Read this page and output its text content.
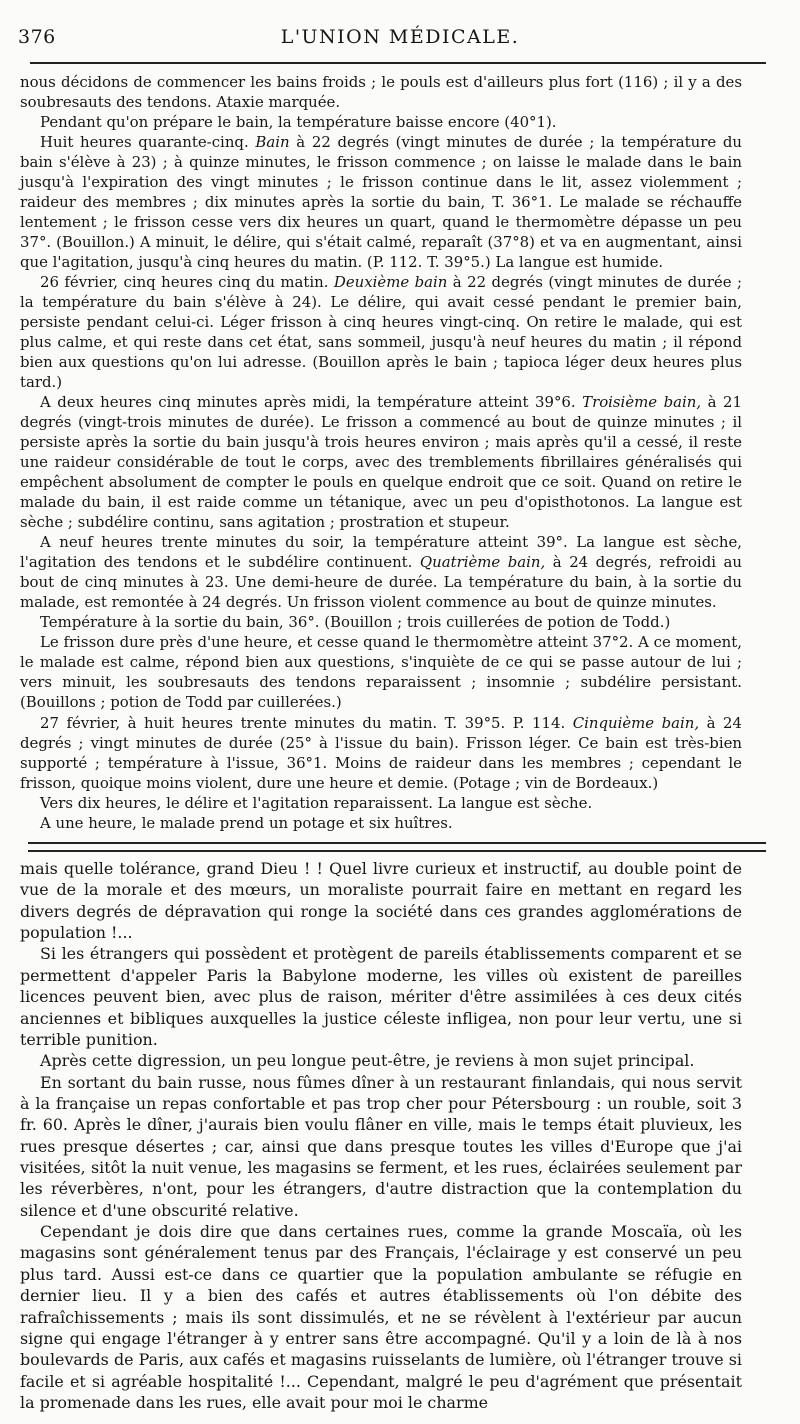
376	L'UNION MÉDICALE.

nous décidons de commencer les bains froids ; le pouls est d'ailleurs plus fort (116) ; il y a des soubresauts des tendons. Ataxie marquée.

Pendant qu'on prépare le bain, la température baisse encore (40°1).

Huit heures quarante-cinq. Bain à 22 degrés (vingt minutes de durée ; la température du bain s'élève à 23) ; à quinze minutes, le frisson commence ; on laisse le malade dans le bain jusqu'à l'expiration des vingt minutes ; le frisson continue dans le lit, assez violemment ; raideur des membres ; dix minutes après la sortie du bain, T. 36°1. Le malade se réchauffe lentement ; le frisson cesse vers dix heures un quart, quand le thermomètre dépasse un peu 37°. (Bouillon.) A minuit, le délire, qui s'était calmé, reparaît (37°8) et va en augmentant, ainsi que l'agitation, jusqu'à cinq heures du matin. (P. 112. T. 39°5.) La langue est humide.

26 février, cinq heures cinq du matin. Deuxième bain à 22 degrés (vingt minutes de durée ; la température du bain s'élève à 24). Le délire, qui avait cessé pendant le premier bain, persiste pendant celui-ci. Léger frisson à cinq heures vingt-cinq. On retire le malade, qui est plus calme, et qui reste dans cet état, sans sommeil, jusqu'à neuf heures du matin ; il répond bien aux questions qu'on lui adresse. (Bouillon après le bain ; tapioca léger deux heures plus tard.)

A deux heures cinq minutes après midi, la température atteint 39°6. Troisième bain, à 21 degrés (vingt-trois minutes de durée). Le frisson a commencé au bout de quinze minutes ; il persiste après la sortie du bain jusqu'à trois heures environ ; mais après qu'il a cessé, il reste une raideur considérable de tout le corps, avec des tremblements fibrillaires généralisés qui empêchent absolument de compter le pouls en quelque endroit que ce soit. Quand on retire le malade du bain, il est raide comme un tétanique, avec un peu d'opisthotonos. La langue est sèche ; subdélire continu, sans agitation ; prostration et stupeur.

A neuf heures trente minutes du soir, la température atteint 39°. La langue est sèche, l'agitation des tendons et le subdélire continuent. Quatrième bain, à 24 degrés, refroidi au bout de cinq minutes à 23. Une demi-heure de durée. La température du bain, à la sortie du malade, est remontée à 24 degrés. Un frisson violent commence au bout de quinze minutes.

Température à la sortie du bain, 36°. (Bouillon ; trois cuillerées de potion de Todd.)

Le frisson dure près d'une heure, et cesse quand le thermomètre atteint 37°2. A ce moment, le malade est calme, répond bien aux questions, s'inquiète de ce qui se passe autour de lui ; vers minuit, les soubresauts des tendons reparaissent ; insomnie ; subdélire persistant. (Bouillons ; potion de Todd par cuillerées.)

27 février, à huit heures trente minutes du matin. T. 39°5. P. 114. Cinquième bain, à 24 degrés ; vingt minutes de durée (25° à l'issue du bain). Frisson léger. Ce bain est très-bien supporté ; température à l'issue, 36°1. Moins de raideur dans les membres ; cependant le frisson, quoique moins violent, dure une heure et demie. (Potage ; vin de Bordeaux.)

Vers dix heures, le délire et l'agitation reparaissent. La langue est sèche.

A une heure, le malade prend un potage et six huîtres.

mais quelle tolérance, grand Dieu ! ! Quel livre curieux et instructif, au double point de vue de la morale et des mœurs, un moraliste pourrait faire en mettant en regard les divers degrés de dépravation qui ronge la société dans ces grandes agglomérations de population !...

Si les étrangers qui possèdent et protègent de pareils établissements comparent et se permettent d'appeler Paris la Babylone moderne, les villes où existent de pareilles licences peuvent bien, avec plus de raison, mériter d'être assimilées à ces deux cités anciennes et bibliques auxquelles la justice céleste infligea, non pour leur vertu, une si terrible punition.

Après cette digression, un peu longue peut-être, je reviens à mon sujet principal.

En sortant du bain russe, nous fûmes dîner à un restaurant finlandais, qui nous servit à la française un repas confortable et pas trop cher pour Pétersbourg : un rouble, soit 3 fr. 60. Après le dîner, j'aurais bien voulu flâner en ville, mais le temps était pluvieux, les rues presque désertes ; car, ainsi que dans presque toutes les villes d'Europe que j'ai visitées, sitôt la nuit venue, les magasins se ferment, et les rues, éclairées seulement par les réverbères, n'ont, pour les étrangers, d'autre distraction que la contemplation du silence et d'une obscurité relative.

Cependant je dois dire que dans certaines rues, comme la grande Moscaïa, où les magasins sont généralement tenus par des Français, l'éclairage y est conservé un peu plus tard. Aussi est-ce dans ce quartier que la population ambulante se réfugie en dernier lieu. Il y a bien des cafés et autres établissements où l'on débite des rafraîchissements ; mais ils sont dissimulés, et ne se révèlent à l'extérieur par aucun signe qui engage l'étranger à y entrer sans être accompagné. Qu'il y a loin de là à nos boulevards de Paris, aux cafés et magasins ruisselants de lumière, où l'étranger trouve si facile et si agréable hospitalité !... Cependant, malgré le peu d'agrément que présentait la promenade dans les rues, elle avait pour moi le charme
